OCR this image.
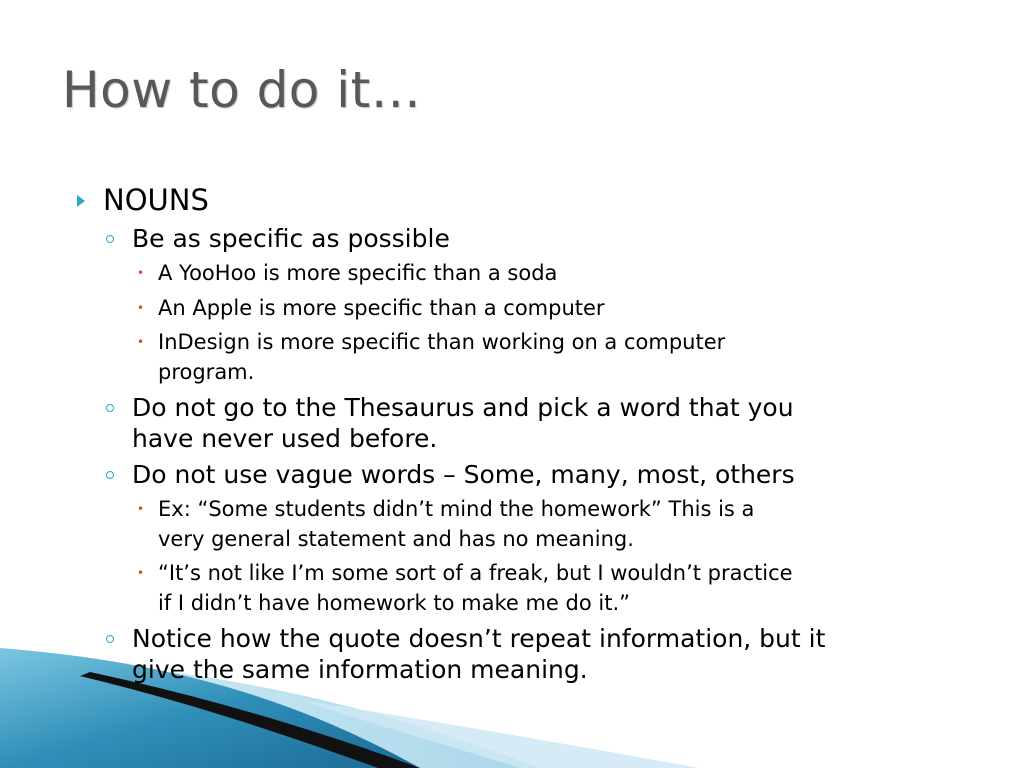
How to do it…
NOUNS
Be as specific as possible
• A YooHoo is more specific than a soda
• An Apple is more specific than a computer
• InDesign is more specific than working on a computer
program.
Do not go to the Thesaurus and pick a word that you
have never used before.
Do not use vague words – Some, many, most, others
• Ex: “Some students didn’t mind the homework” This is a
very general statement and has no meaning.
• “It’s not like I’m some sort of a freak, but I wouldn’t practice
if I didn’t have homework to make me do it.”
Notice how the quote doesn’t repeat information, but it
give the same information meaning.
